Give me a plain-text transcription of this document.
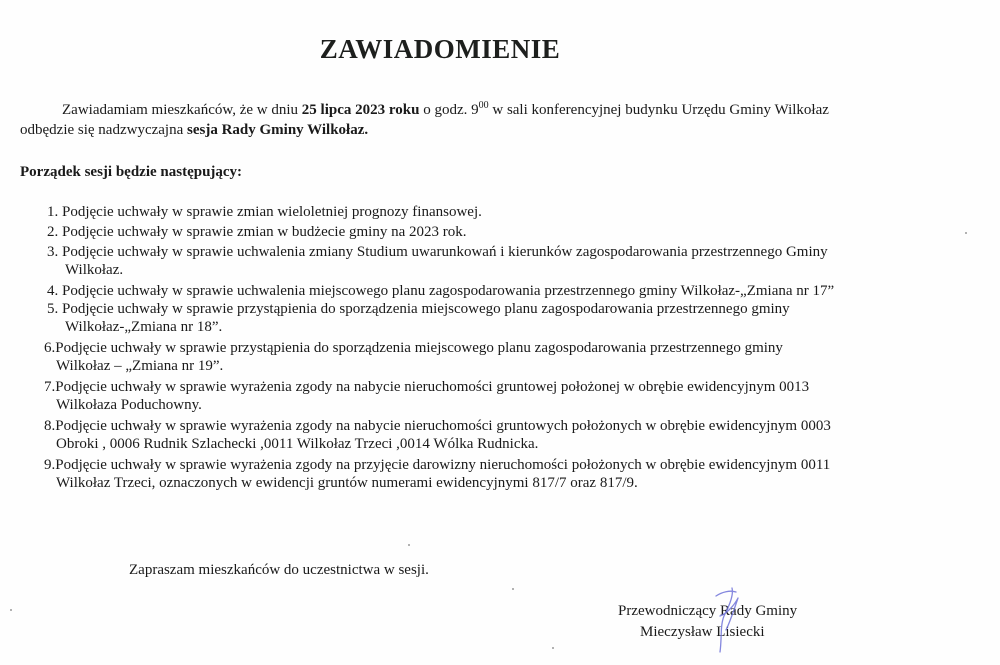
ZAWIADOMIENIE
Zawiadamiam mieszkańców, że w dniu 25 lipca 2023 roku o godz. $9^{00}$ w sali konferencyjnej budynku Urzędu Gminy Wilkołaz
odbędzie się nadzwyczajna sesja Rady Gminy Wilkołaz.
Porządek sesji będzie następujący:
1. Podjęcie uchwały w sprawie zmian wieloletniej prognozy finansowej.
2. Podjęcie uchwały w sprawie zmian w budżecie gminy na 2023 rok.
3. Podjęcie uchwały w sprawie uchwalenia zmiany Studium uwarunkowań i kierunków zagospodarowania przestrzennego Gminy
Wilkołaz.
4. Podjęcie uchwały w sprawie uchwalenia miejscowego planu zagospodarowania przestrzennego gminy Wilkołaz-„Zmiana nr 17”
5. Podjęcie uchwały w sprawie przystąpienia do sporządzenia miejscowego planu zagospodarowania przestrzennego gminy
Wilkołaz-„Zmiana nr 18”.
6.Podjęcie uchwały w sprawie przystąpienia do sporządzenia miejscowego planu zagospodarowania przestrzennego gminy
Wilkołaz – „Zmiana nr 19”.
7.Podjęcie uchwały w sprawie wyrażenia zgody na nabycie nieruchomości gruntowej położonej w obrębie ewidencyjnym 0013
Wilkołaza Poduchowny.
8.Podjęcie uchwały w sprawie wyrażenia zgody na nabycie nieruchomości gruntowych położonych w obrębie ewidencyjnym 0003
Obroki , 0006 Rudnik Szlachecki ,0011 Wilkołaz Trzeci ,0014 Wólka Rudnicka.
9.Podjęcie uchwały w sprawie wyrażenia zgody na przyjęcie darowizny nieruchomości położonych w obrębie ewidencyjnym 0011
Wilkołaz Trzeci, oznaczonych w ewidencji gruntów numerami ewidencyjnymi 817/7 oraz 817/9.
Zapraszam mieszkańców do uczestnictwa w sesji.
Przewodniczący Rady Gminy
Mieczysław Lisiecki
